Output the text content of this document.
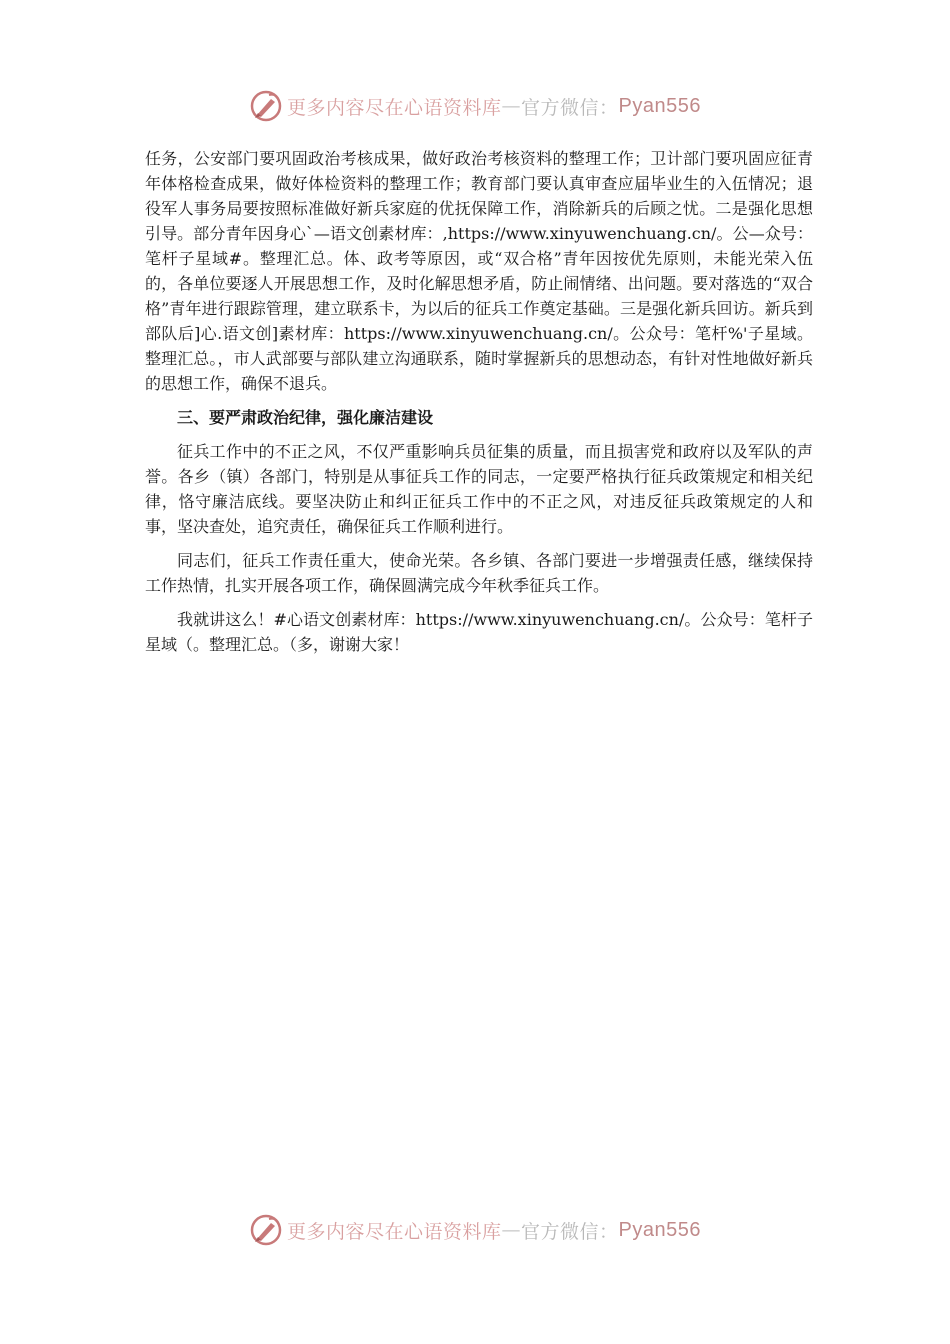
更多内容尽在心语资料库 — 官方微信： Pyan556

任务，公安部门要巩固政治考核成果，做好政治考核资料的整理工作；卫计部门要巩固应征青年体格检查成果，做好体检资料的整理工作；教育部门要认真审查应届毕业生的入伍情况；退役军人事务局要按照标准做好新兵家庭的优抚保障工作，消除新兵的后顾之忧。二是强化思想引导。部分青年因身心`—语文创素材库：,https://www.xinyuwenchuang.cn/。公—众号：笔杆子星域#。整理汇总。体、政考等原因，或“双合格”青年因按优先原则，未能光荣入伍的，各单位要逐人开展思想工作，及时化解思想矛盾，防止闹情绪、出问题。要对落选的“双合格”青年进行跟踪管理，建立联系卡，为以后的征兵工作奠定基础。三是强化新兵回访。新兵到部队后]心.语文创]素材库：https://www.xinyuwenchuang.cn/。公众号：笔杆%'子星域。整理汇总。，市人武部要与部队建立沟通联系，随时掌握新兵的思想动态，有针对性地做好新兵的思想工作，确保不退兵。

三、要严肃政治纪律，强化廉洁建设

征兵工作中的不正之风，不仅严重影响兵员征集的质量，而且损害党和政府以及军队的声誉。各乡（镇）各部门，特别是从事征兵工作的同志，一定要严格执行征兵政策规定和相关纪律，恪守廉洁底线。要坚决防止和纠正征兵工作中的不正之风，对违反征兵政策规定的人和事，坚决查处，追究责任，确保征兵工作顺利进行。

同志们，征兵工作责任重大，使命光荣。各乡镇、各部门要进一步增强责任感，继续保持工作热情，扎实开展各项工作，确保圆满完成今年秋季征兵工作。

我就讲这么！#心语文创素材库：https://www.xinyuwenchuang.cn/。公众号：笔杆子星域（。整理汇总。（多，谢谢大家！

更多内容尽在心语资料库 — 官方微信： Pyan556
